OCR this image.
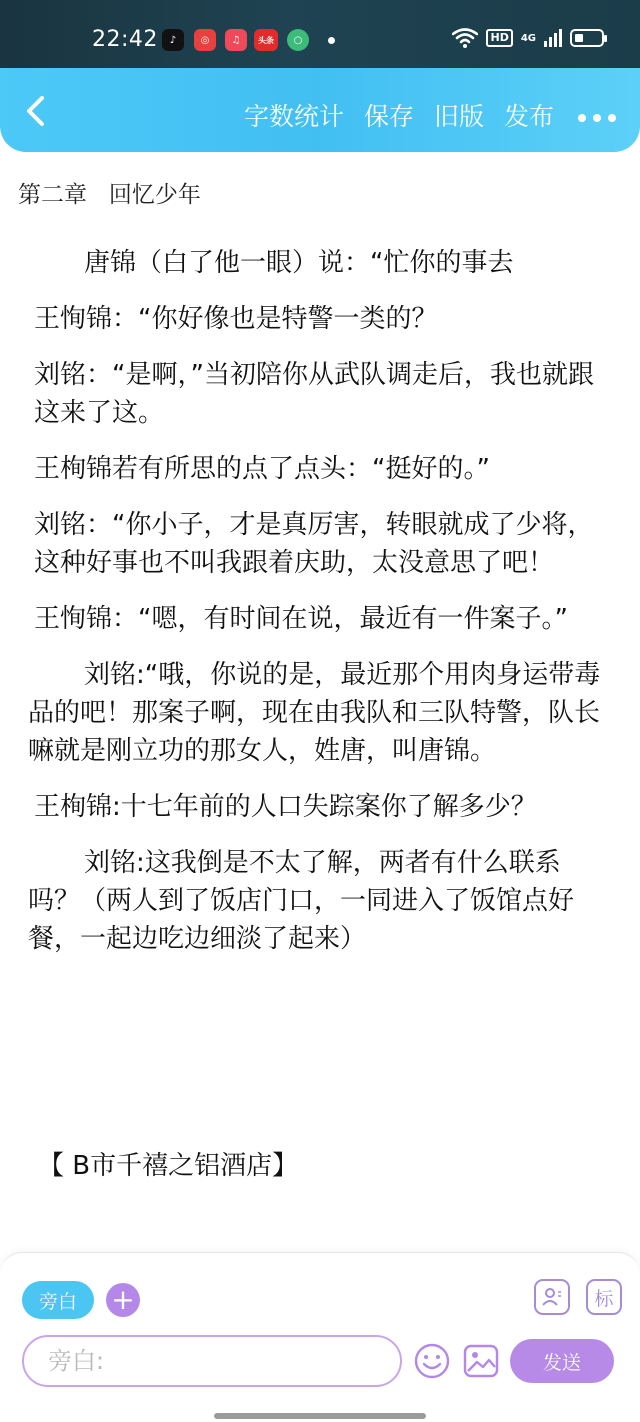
22:42	♪	◎	♫	头条	○	HD	4G
字数统计 保存 旧版 发布
第二章   回忆少年

唐锦（白了他一眼）说：“忙你的事去

王恂锦：“你好像也是特警一类的？

刘铭：“是啊，”当初陪你从武队调走后，我也就跟这来了这。

王栒锦若有所思的点了点头：“挺好的。”

刘铭：“你小子，才是真厉害，转眼就成了少将，这种好事也不叫我跟着庆助，太没意思了吧！

王恂锦：“嗯，有时间在说，最近有一件案子。”

刘铭:“哦，你说的是，最近那个用肉身运带毒品的吧！那案子啊，现在由我队和三队特警，队长嘛就是刚立功的那女人，姓唐，叫唐锦。

王栒锦:十七年前的人口失踪案你了解多少？

刘铭:这我倒是不太了解，两者有什么联系吗？（两人到了饭店门口，一同进入了饭馆点好餐，一起边吃边细淡了起来）

【 B市千禧之铝酒店】
旁白	+	标
旁白:
发送
